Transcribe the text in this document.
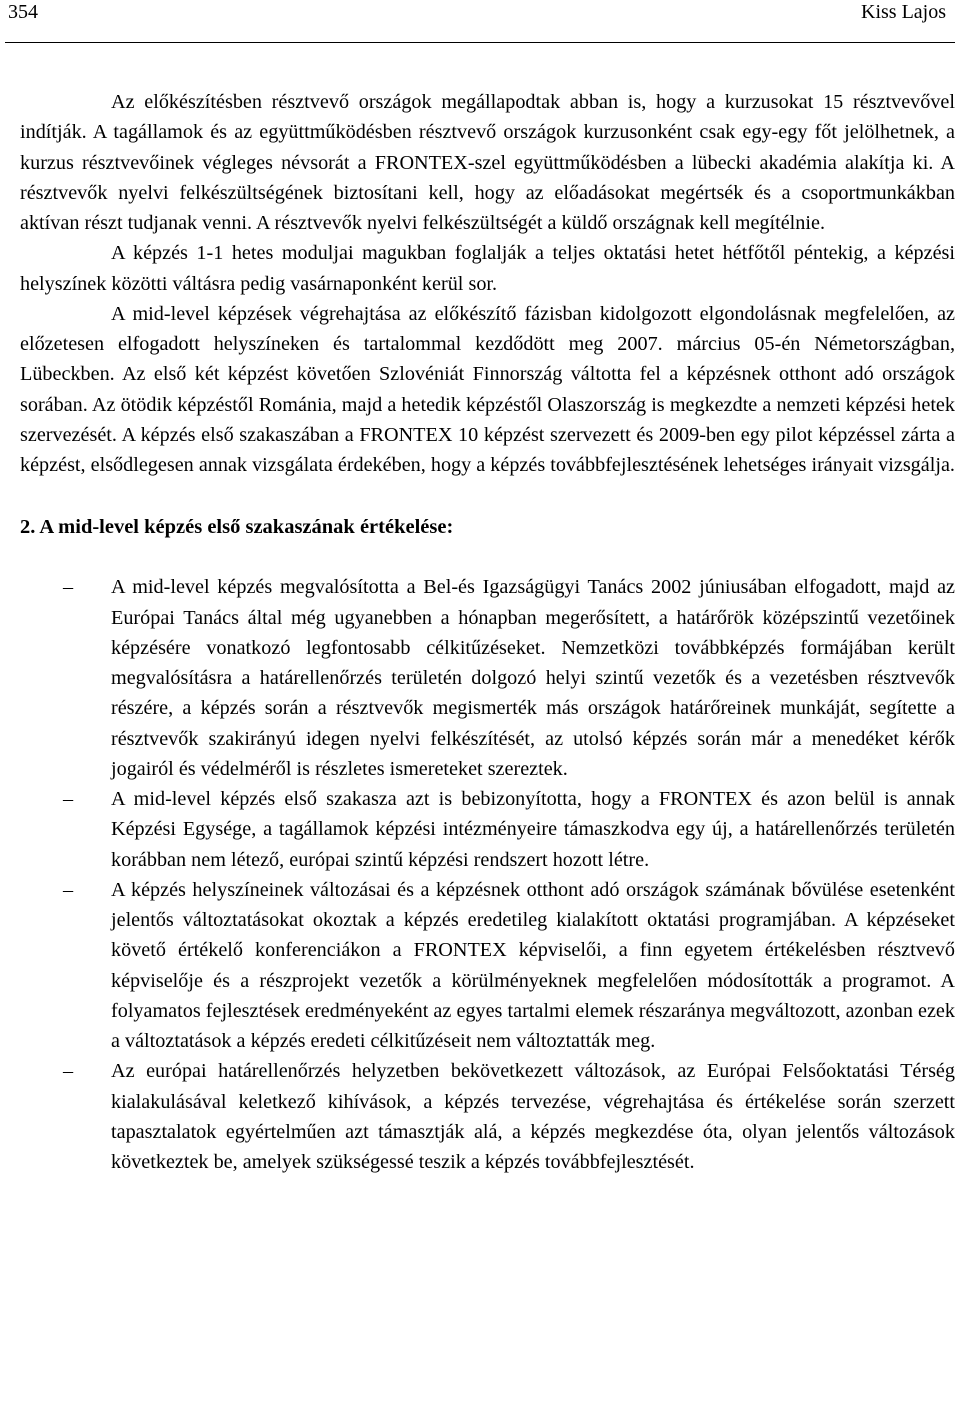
354	Kiss Lajos

Az előkészítésben résztvevő országok megállapodtak abban is, hogy a kurzusokat 15 résztvevővel indítják. A tagállamok és az együttműködésben résztvevő országok kurzusonként csak egy-egy főt jelölhetnek, a kurzus résztvevőinek végleges névsorát a FRONTEX-szel együttműködésben a lübecki akadémia alakítja ki. A résztvevők nyelvi felkészültségének biztosítani kell, hogy az előadásokat megértsék és a csoportmunkákban aktívan részt tudjanak venni. A résztvevők nyelvi felkészültségét a küldő országnak kell megítélnie.

A képzés 1-1 hetes moduljai magukban foglalják a teljes oktatási hetet hétfőtől péntekig, a képzési helyszínek közötti váltásra pedig vasárnaponként kerül sor.

A mid-level képzések végrehajtása az előkészítő fázisban kidolgozott elgondolásnak megfelelően, az előzetesen elfogadott helyszíneken és tartalommal kezdődött meg 2007. március 05-én Németországban, Lübeckben. Az első két képzést követően Szlovéniát Finnország váltotta fel a képzésnek otthont adó országok sorában. Az ötödik képzéstől Románia, majd a hetedik képzéstől Olaszország is megkezdte a nemzeti képzési hetek szervezését. A képzés első szakaszában a FRONTEX 10 képzést szervezett és 2009-ben egy pilot képzéssel zárta a képzést, elsődlegesen annak vizsgálata érdekében, hogy a képzés továbbfejlesztésének lehetséges irányait vizsgálja.

2. A mid-level képzés első szakaszának értékelése:
– A mid-level képzés megvalósította a Bel-és Igazságügyi Tanács 2002 júniusában elfogadott, majd az Európai Tanács által még ugyanebben a hónapban megerősített, a határőrök középszintű vezetőinek képzésére vonatkozó legfontosabb célkitűzéseket. Nemzetközi továbbképzés formájában került megvalósításra a határellenőrzés területén dolgozó helyi szintű vezetők és a vezetésben résztvevők részére, a képzés során a résztvevők megismerték más országok határőreinek munkáját, segítette a résztvevők szakirányú idegen nyelvi felkészítését, az utolsó képzés során már a menedéket kérők jogairól és védelméről is részletes ismereteket szereztek.
– A mid-level képzés első szakasza azt is bebizonyította, hogy a FRONTEX és azon belül is annak Képzési Egysége, a tagállamok képzési intézményeire támaszkodva egy új, a határellenőrzés területén korábban nem létező, európai szintű képzési rendszert hozott létre.
– A képzés helyszíneinek változásai és a képzésnek otthont adó országok számának bővülése esetenként jelentős változtatásokat okoztak a képzés eredetileg kialakított oktatási programjában. A képzéseket követő értékelő konferenciákon a FRONTEX képviselői, a finn egyetem értékelésben résztvevő képviselője és a részprojekt vezetők a körülményeknek megfelelően módosították a programot. A folyamatos fejlesztések eredményeként az egyes tartalmi elemek részaránya megváltozott, azonban ezek a változtatások a képzés eredeti célkitűzéseit nem változtatták meg.
– Az európai határellenőrzés helyzetben bekövetkezett változások, az Európai Felsőoktatási Térség kialakulásával keletkező kihívások, a képzés tervezése, végrehajtása és értékelése során szerzett tapasztalatok egyértelműen azt támasztják alá, a képzés megkezdése óta, olyan jelentős változások következtek be, amelyek szükségessé teszik a képzés továbbfejlesztését.
